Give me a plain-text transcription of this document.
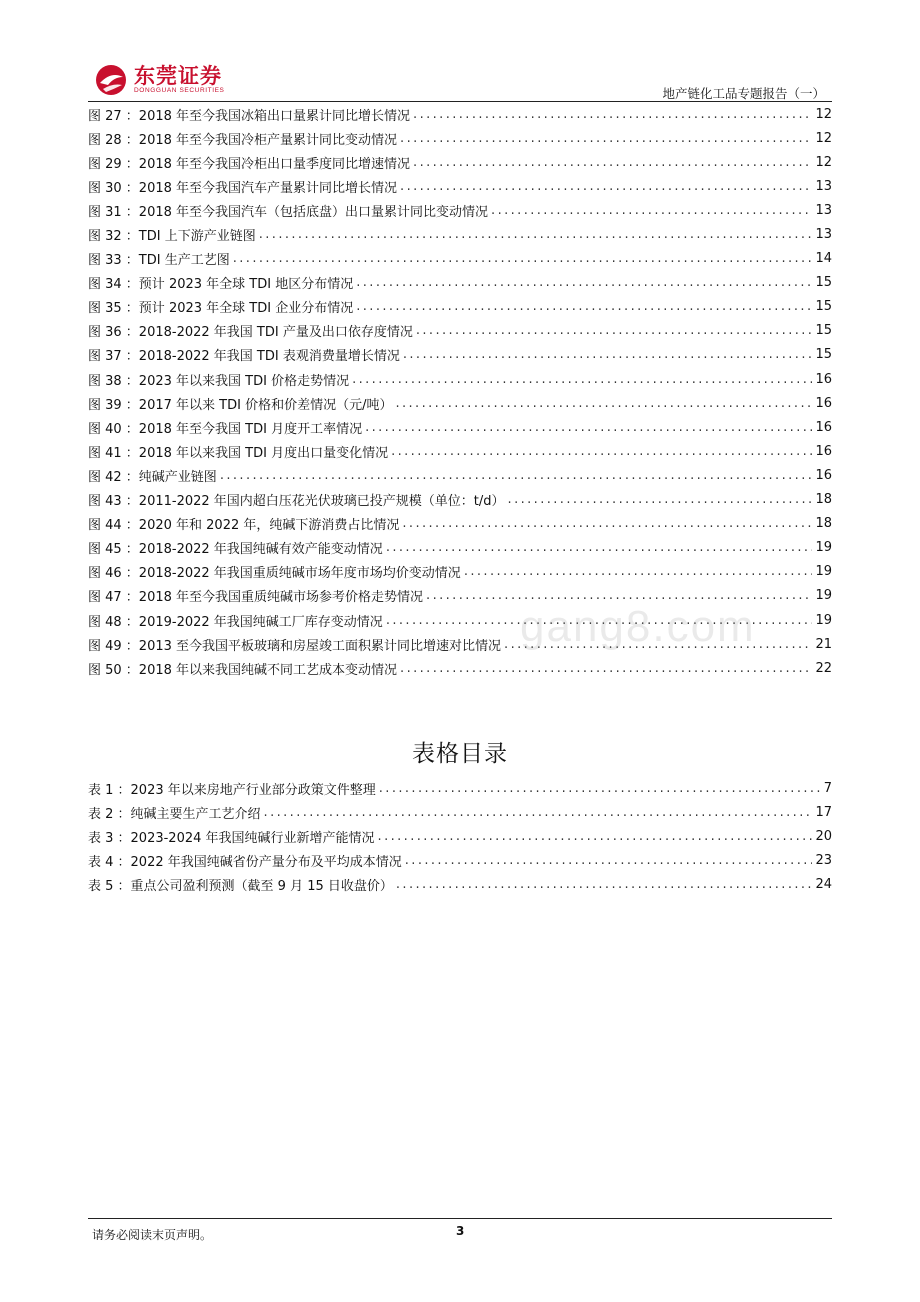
东莞证券
DONGGUAN SECURITIES	地产链化工品专题报告（一）
图 27 ：2018 年至今我国冰箱出口量累计同比增长情况 .....	12
图 28 ：2018 年至今我国冷柜产量累计同比变动情况 .....	12
图 29 ：2018 年至今我国冷柜出口量季度同比增速情况 .....	12
图 30 ：2018 年至今我国汽车产量累计同比增长情况 .....	13
图 31 ：2018 年至今我国汽车（包括底盘）出口量累计同比变动情况 .....	13
图 32 ：TDI 上下游产业链图 .....	13
图 33 ：TDI 生产工艺图 .....	14
图 34 ：预计 2023 年全球 TDI 地区分布情况 .....	15
图 35 ：预计 2023 年全球 TDI 企业分布情况 .....	15
图 36 ：2018-2022 年我国 TDI 产量及出口依存度情况 .....	15
图 37 ：2018-2022 年我国 TDI 表观消费量增长情况 .....	15
图 38 ：2023 年以来我国 TDI 价格走势情况 .....	16
图 39 ：2017 年以来 TDI 价格和价差情况（元/吨） .....	16
图 40 ：2018 年至今我国 TDI 月度开工率情况 .....	16
图 41 ：2018 年以来我国 TDI 月度出口量变化情况 .....	16
图 42 ：纯碱产业链图 .....	16
图 43 ：2011-2022 年国内超白压花光伏玻璃已投产规模（单位：t/d） .....	18
图 44 ：2020 年和 2022 年，纯碱下游消费占比情况 .....	18
图 45 ：2018-2022 年我国纯碱有效产能变动情况 .....	19
图 46 ：2018-2022 年我国重质纯碱市场年度市场均价变动情况 .....	19
图 47 ：2018 年至今我国重质纯碱市场参考价格走势情况 .....	19
图 48 ：2019-2022 年我国纯碱工厂库存变动情况 .....	19
图 49 ：2013 至今我国平板玻璃和房屋竣工面积累计同比增速对比情况 .....	21
图 50 ：2018 年以来我国纯碱不同工艺成本变动情况 .....	22
gang8.com
表格目录
表 1 ：2023 年以来房地产行业部分政策文件整理 .....	7
表 2 ：纯碱主要生产工艺介绍 .....	17
表 3 ：2023-2024 年我国纯碱行业新增产能情况 .....	20
表 4 ：2022 年我国纯碱省份产量分布及平均成本情况 .....	23
表 5 ：重点公司盈利预测（截至 9 月 15 日收盘价） .....	24
请务必阅读末页声明。	3
